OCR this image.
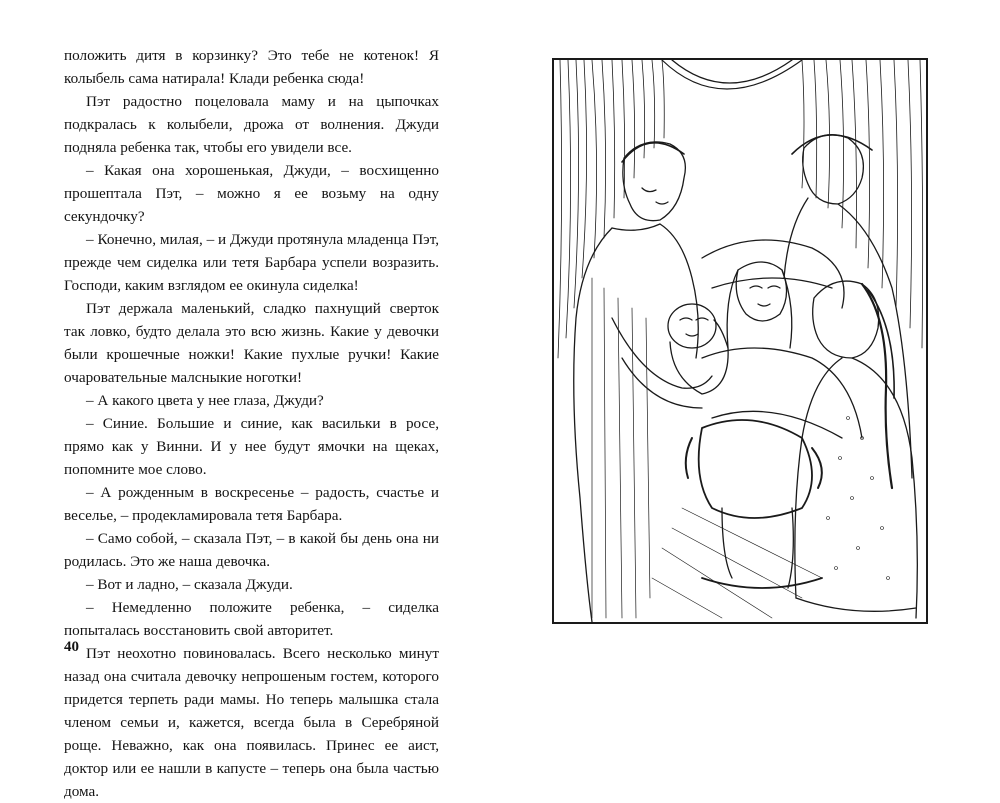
положить дитя в корзинку? Это тебе не котенок! Я колыбель сама натирала! Клади ребенка сюда!

Пэт радостно поцеловала маму и на цыпочках подкралась к колыбели, дрожа от волнения. Джуди подняла ребенка так, чтобы его увидели все.

– Какая она хорошенькая, Джуди, – восхищенно прошептала Пэт, – можно я ее возьму на одну секундочку?

– Конечно, милая, – и Джуди протянула младенца Пэт, прежде чем сиделка или тетя Барбара успели возразить. Господи, каким взглядом ее окинула сиделка!

Пэт держала маленький, сладко пахнущий сверток так ловко, будто делала это всю жизнь. Какие у девочки были крошечные ножки! Какие пухлые ручки! Какие очаровательные малсныкие ноготки!

– А какого цвета у нее глаза, Джуди?

– Синие. Большие и синие, как васильки в росе, прямо как у Винни. И у нее будут ямочки на щеках, попомните мое слово.

– А рожденным в воскресенье – радость, счастье и веселье, – продекламировала тетя Барбара.

– Само собой, – сказала Пэт, – в какой бы день она ни родилась. Это же наша девочка.

– Вот и ладно, – сказала Джуди.

– Немедленно положите ребенка, – сиделка попыталась восстановить свой авторитет.

Пэт неохотно повиновалась. Всего несколько минут назад она считала девочку непрошеным гостем, которого придется терпеть ради мамы. Но теперь малышка стала членом семьи и, кажется, всегда была в Серебряной роще. Неважно, как она появилась. Принес ее аист, доктор или ее нашли в капусте – теперь она была частью дома.

40
